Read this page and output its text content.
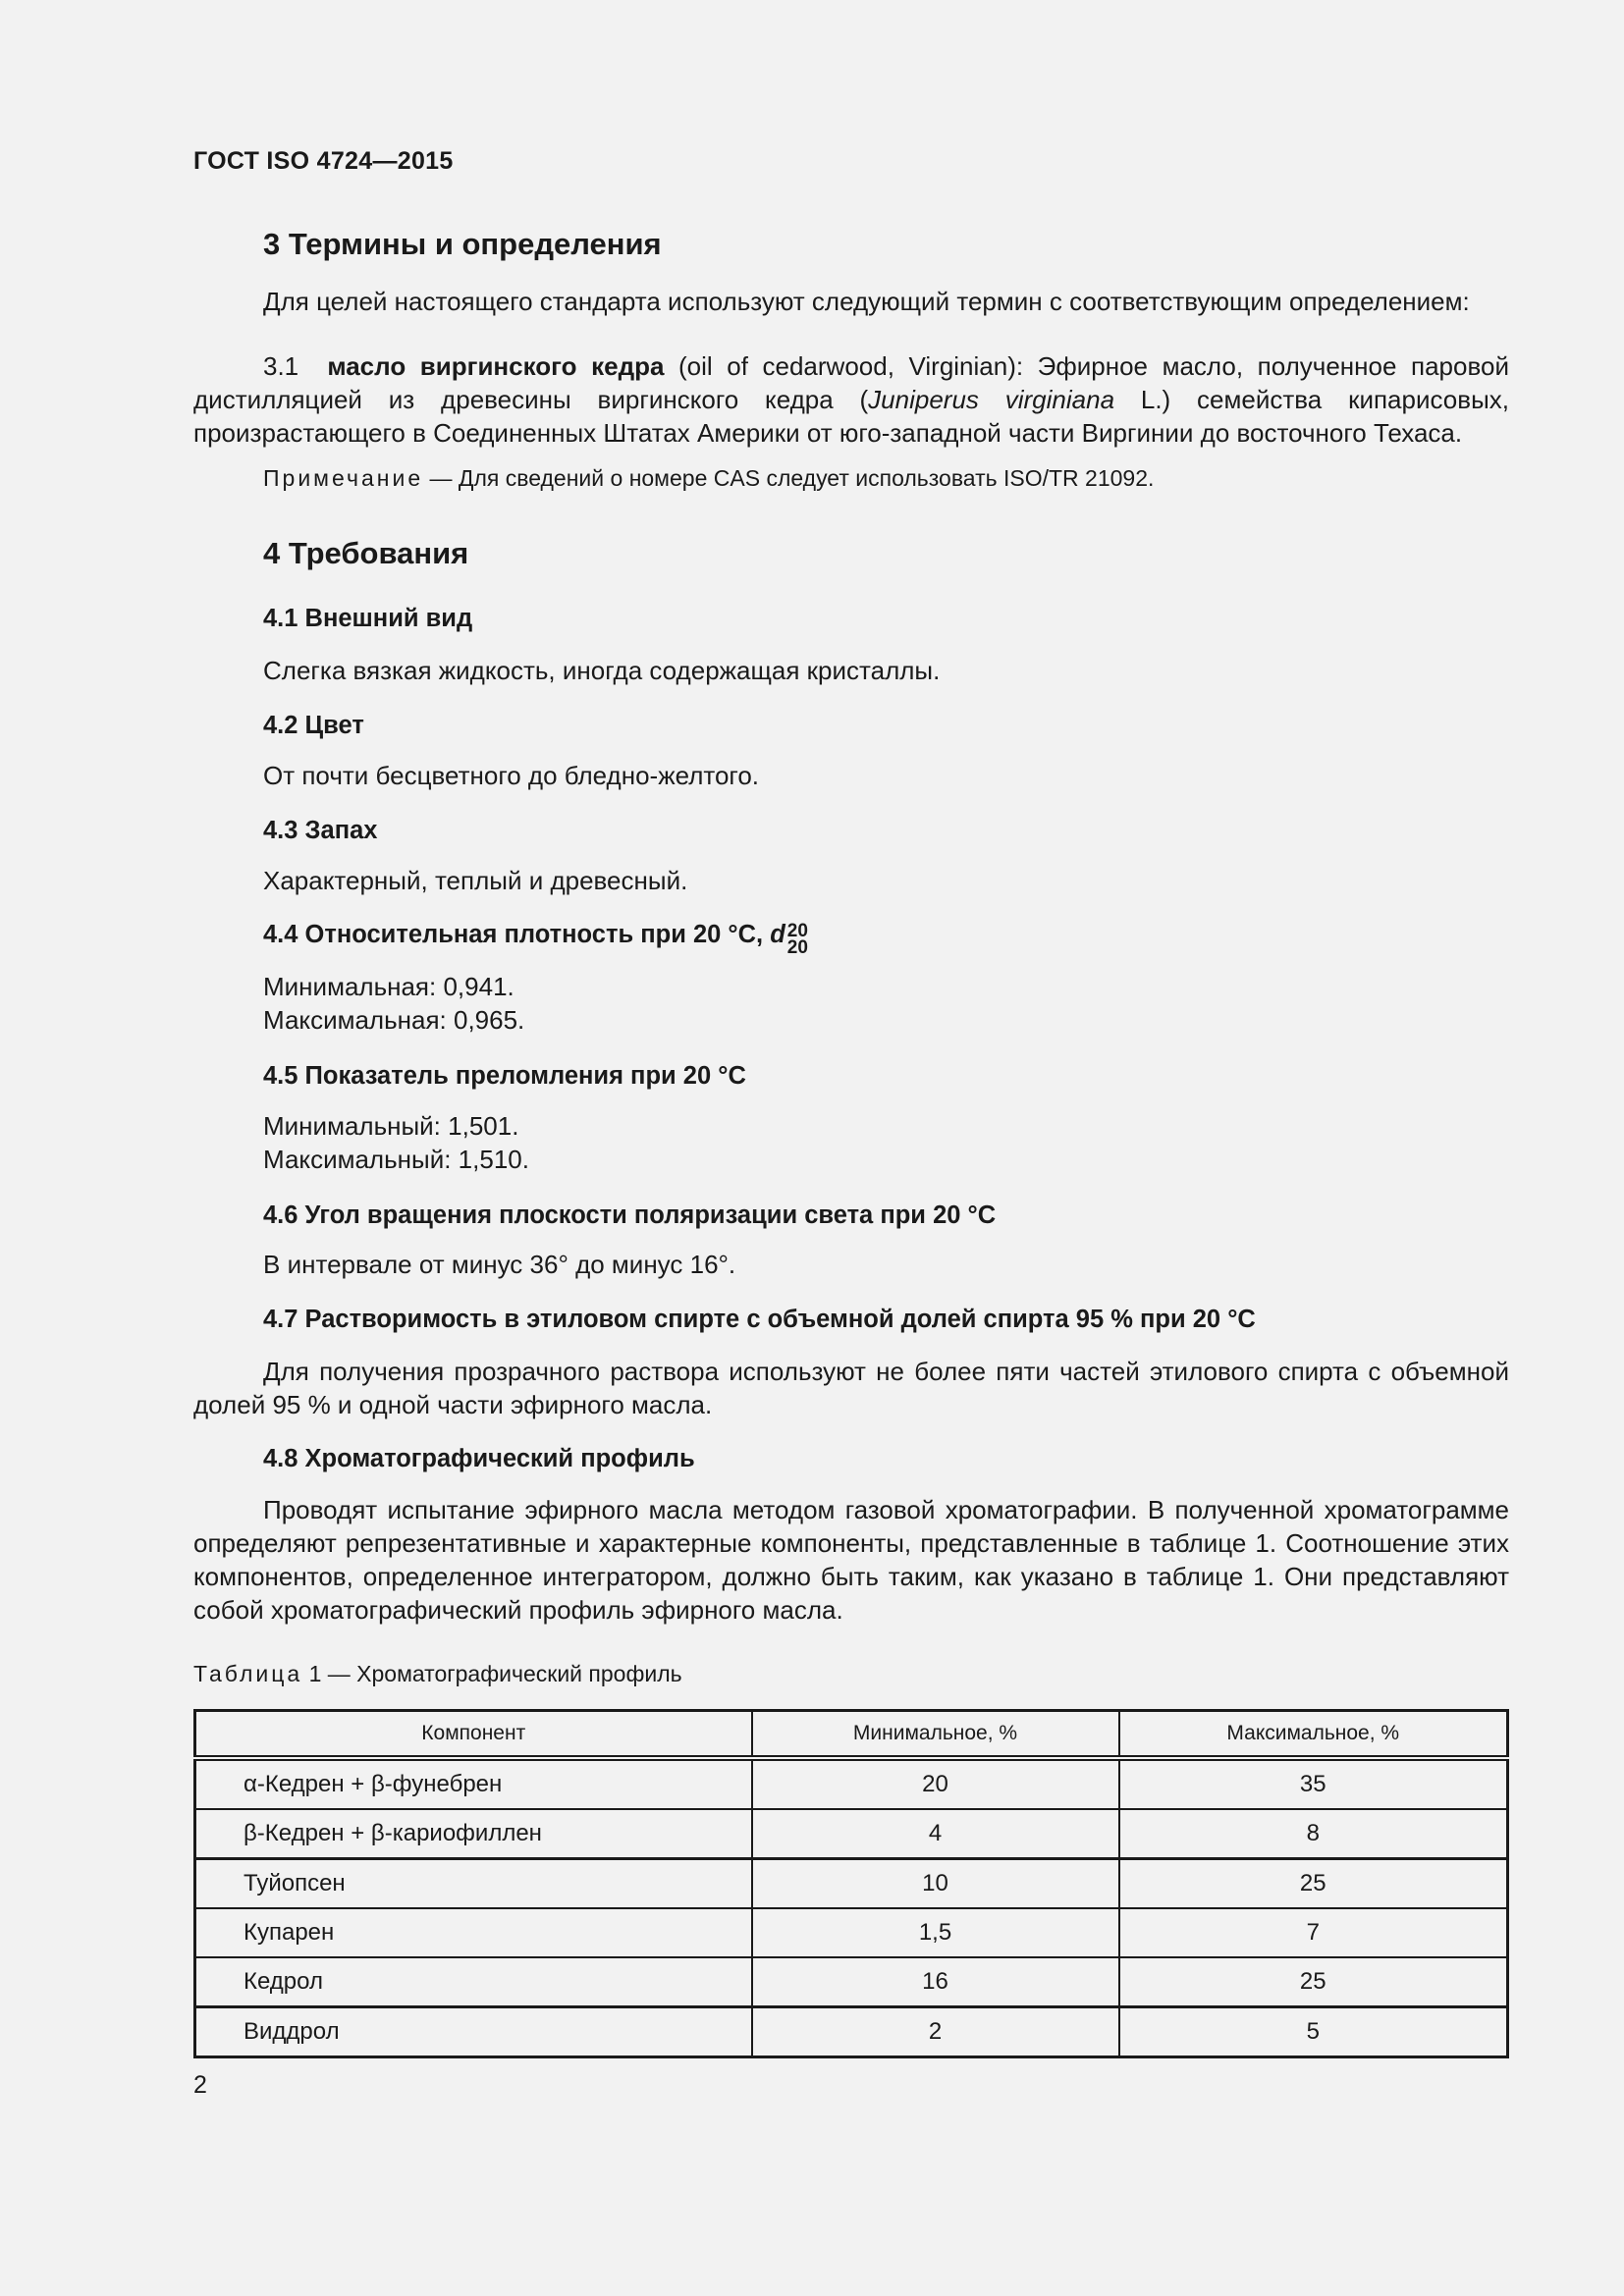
ГОСТ ISO 4724—2015
3 Термины и определения
Для целей настоящего стандарта используют следующий термин с соответствующим определением:
3.1 масло виргинского кедра (oil of cedarwood, Virginian): Эфирное масло, полученное паровой дистилляцией из древесины виргинского кедра (Juniperus virginiana L.) семейства кипарисовых, произрастающего в Соединенных Штатах Америки от юго-западной части Виргинии до восточного Техаса.
Примечание — Для сведений о номере CAS следует использовать ISO/TR 21092.
4 Требования
4.1 Внешний вид
Слегка вязкая жидкость, иногда содержащая кристаллы.
4.2 Цвет
От почти бесцветного до бледно-желтого.
4.3 Запах
Характерный, теплый и древесный.
4.4 Относительная плотность при 20 °С, d 20
20
Минимальная: 0,941.
Максимальная: 0,965.
4.5 Показатель преломления при 20 °С
Минимальный: 1,501.
Максимальный: 1,510.
4.6 Угол вращения плоскости поляризации света при 20 °С
В интервале от минус 36° до минус 16°.
4.7 Растворимость в этиловом спирте с объемной долей спирта 95 % при 20 °С
Для получения прозрачного раствора используют не более пяти частей этилового спирта с объемной долей 95 % и одной части эфирного масла.
4.8 Хроматографический профиль
Проводят испытание эфирного масла методом газовой хроматографии. В полученной хроматограмме определяют репрезентативные и характерные компоненты, представленные в таблице 1. Соотношение этих компонентов, определенное интегратором, должно быть таким, как указано в таблице 1. Они представляют собой хроматографический профиль эфирного масла.
Таблица 1 — Хроматографический профиль
Компонент	Минимальное, %	Максимальное, %
α-Кедрен + β-фунебрен	20	35
β-Кедрен + β-кариофиллен	4	8
Туйопсен	10	25
Купарен	1,5	7
Кедрол	16	25
Виддрол	2	5
2
